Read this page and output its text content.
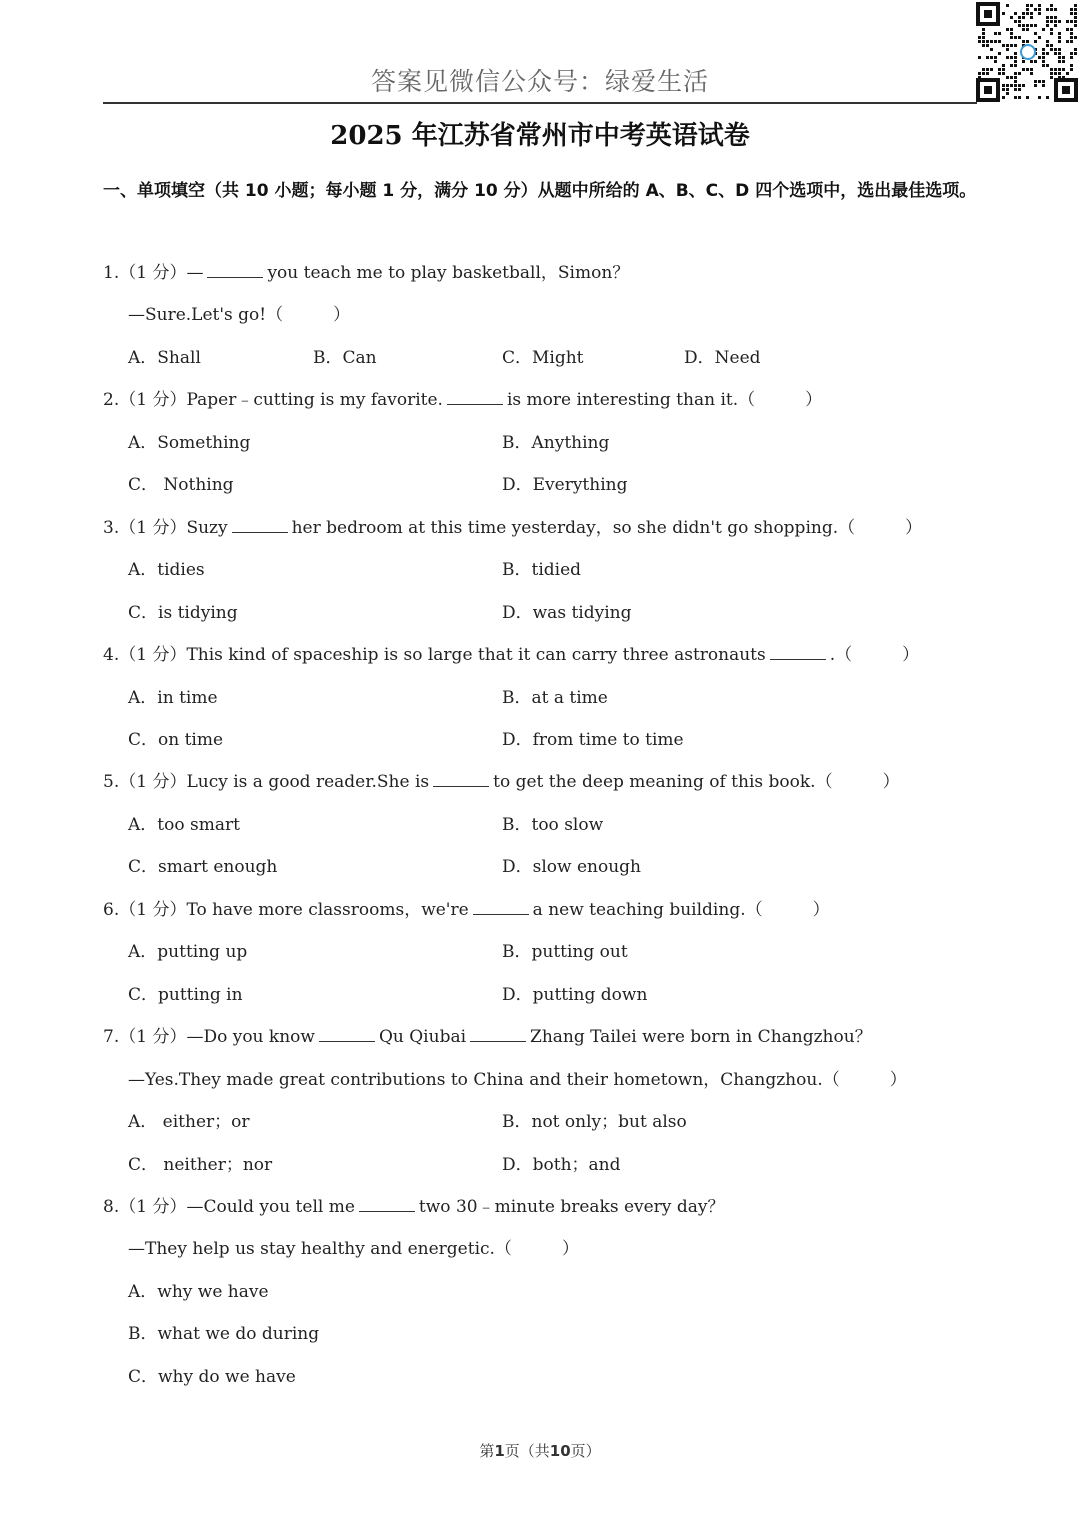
答案见微信公众号：绿爱生活
2025 年江苏省常州市中考英语试卷
一、单项填空（共 10 小题；每小题 1 分，满分 10 分）从题中所给的 A、B、C、D 四个选项中，选出最佳选项。
1.（1 分）—	you teach me to play basketball，Simon？
—Sure.Let's go!（	）
A．Shall	B．Can	C．Might	D．Need
2.（1 分）Paper﹣cutting is my favorite.	is more interesting than it.（	）
A．Something	B．Anything
C． Nothing	D．Everything
3.（1 分）Suzy	her bedroom at this time yesterday，so she didn't go shopping.（	）
A．tidies	B．tidied
C．is tidying	D．was tidying
4.（1 分）This kind of spaceship is so large that it can carry three astronauts	.（	）
A．in time	B．at a time
C．on time	D．from time to time
5.（1 分）Lucy is a good reader.She is	to get the deep meaning of this book.（	）
A．too smart	B．too slow
C．smart enough	D．slow enough
6.（1 分）To have more classrooms，we're	a new teaching building.（	）
A．putting up	B．putting out
C．putting in	D．putting down
7.（1 分）—Do you know	Qu Qiubai	Zhang Tailei were born in Changzhou？
—Yes.They made great contributions to China and their hometown，Changzhou.（	）
A． either；or	B．not only；but also
C． neither；nor	D．both；and
8.（1 分）—Could you tell me	two 30﹣minute breaks every day？
—They help us stay healthy and energetic.（	）
A．why we have
B．what we do during
C．why do we have
第1页（共10页）
